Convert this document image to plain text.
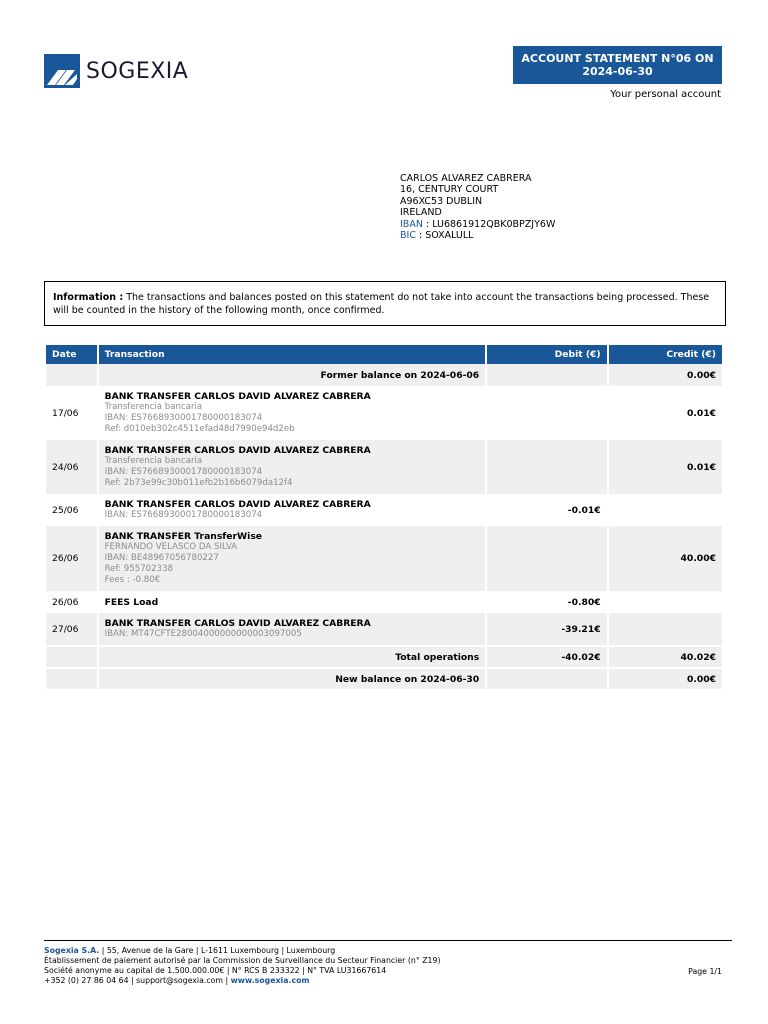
SOGEXIA	ACCOUNT STATEMENT N°06 ON 2024-06-30
Your personal account
CARLOS ALVAREZ CABRERA
16, CENTURY COURT
A96XC53 DUBLIN
IRELAND
IBAN : LU6861912QBK0BPZJY6W
BIC : SOXALULL
Information : The transactions and balances posted on this statement do not take into account the transactions being processed. These will be counted in the history of the following month, once confirmed.
Date	Transaction	Debit (€)	Credit (€)
	Former balance on 2024-06-06		0.00€
17/06	BANK TRANSFER CARLOS DAVID ALVAREZ CABRERA
Transferencia bancaria
IBAN: ES7668930001780000183074
Ref: d010eb302c4511efad48d7990e94d2eb		0.01€
24/06	BANK TRANSFER CARLOS DAVID ALVAREZ CABRERA
Transferencia bancaria
IBAN: ES7668930001780000183074
Ref: 2b73e99c30b011efb2b16b6079da12f4		0.01€
25/06	BANK TRANSFER CARLOS DAVID ALVAREZ CABRERA
IBAN: ES7668930001780000183074	-0.01€	
26/06	BANK TRANSFER TransferWise
FERNANDO VELASCO DA SILVA
IBAN: BE48967056780227
Ref: 955702338
Fees : -0.80€		40.00€
26/06	FEES Load	-0.80€	
27/06	BANK TRANSFER CARLOS DAVID ALVAREZ CABRERA
IBAN: MT47CFTE28004000000000003097005	-39.21€	

	Total operations	-40.02€	40.02€

	New balance on 2024-06-30		0.00€
Sogexia S.A. | 55, Avenue de la Gare | L-1611 Luxembourg | Luxembourg
Établissement de paiement autorisé par la Commission de Surveillance du Secteur Financier (n° Z19)
Société anonyme au capital de 1.500.000.00€ | N° RCS B 233322 | N° TVA LU31667614
+352 (0) 27 86 04 64 | support@sogexia.com | www.sogexia.com
Page 1/1
